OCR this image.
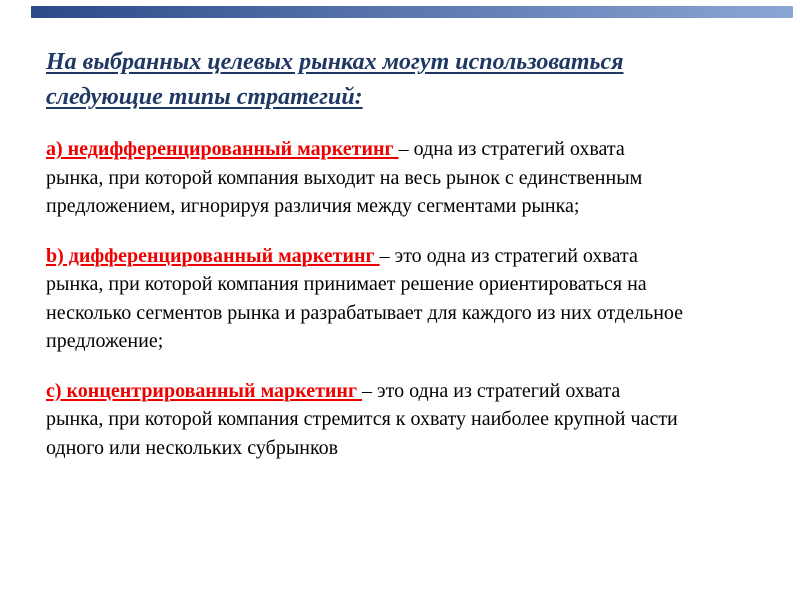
На выбранных целевых рынках могут использоваться
следующие типы стратегий:

а) недифференцированный маркетинг – одна из стратегий охвата
рынка, при которой компания выходит на весь рынок с единственным
предложением, игнорируя различия между сегментами рынка;

b) дифференцированный маркетинг – это одна из стратегий охвата
рынка, при которой компания принимает решение ориентироваться на
несколько сегментов рынка и разрабатывает для каждого из них отдельное
предложение;

с) концентрированный маркетинг – это одна из стратегий охвата
рынка, при которой компания стремится к охвату наиболее крупной части
одного или нескольких субрынков
